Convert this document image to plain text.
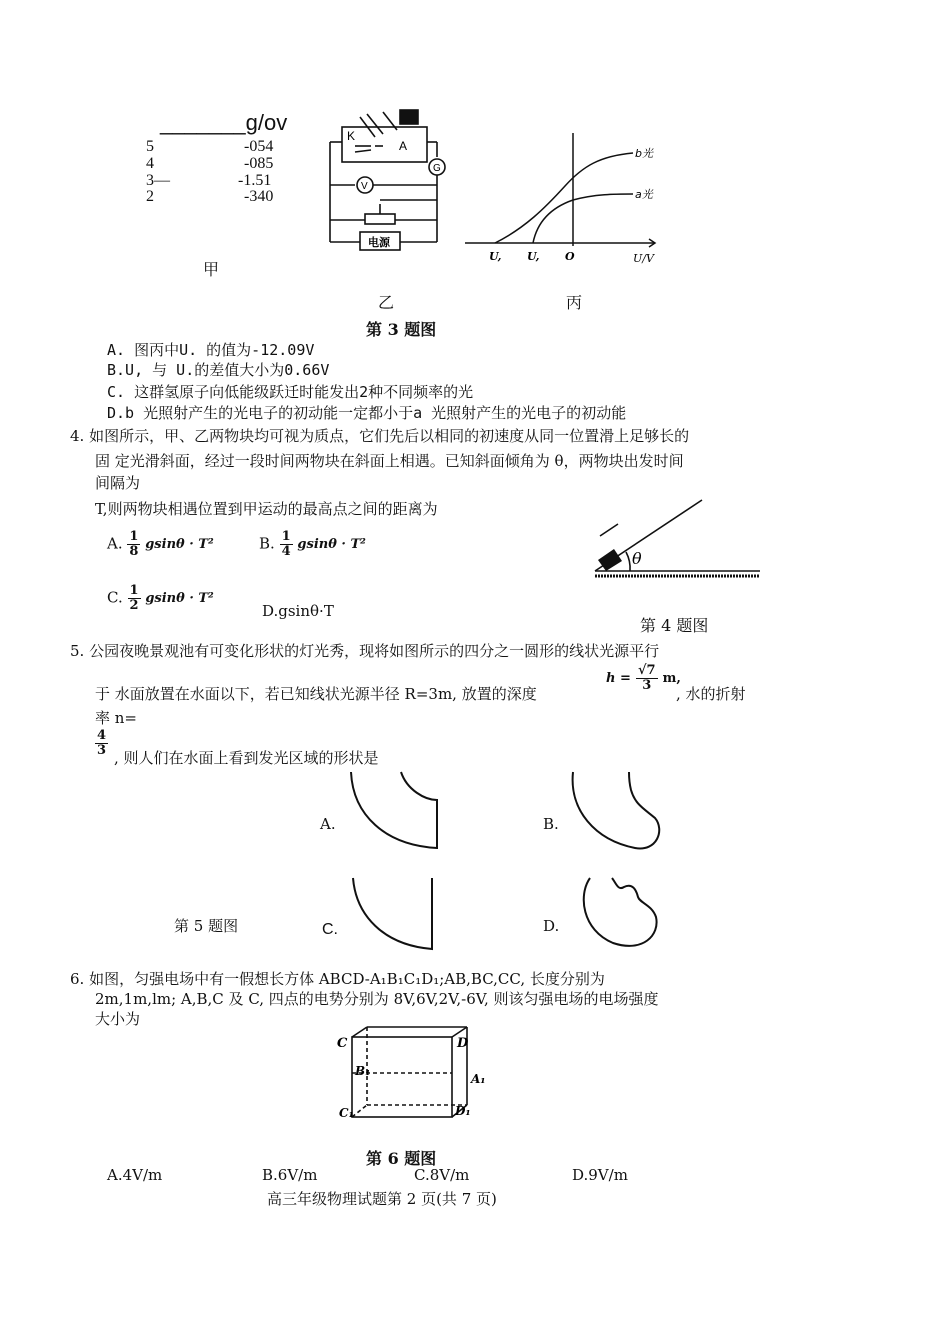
_______g/ov
5	-054
4	-085
3—	-1.51
2	-340
甲
K
A
G
V
电源
乙
b光
a光
U, U, O	U/V
丙
第 3 题图
A. 图丙中U. 的值为-12.09V
B.U, 与 U.的差值大小为0.66V
C. 这群氢原子向低能级跃迁时能发出2种不同频率的光
D.b 光照射产生的光电子的初动能一定都小于a 光照射产生的光电子的初动能
4. 如图所示，甲、乙两物块均可视为质点，它们先后以相同的初速度从同一位置滑上足够长的
固 定光滑斜面，经过一段时间两物块在斜面上相遇。已知斜面倾角为 θ，两物块出发时间
间隔为
T,则两物块相遇位置到甲运动的最高点之间的距离为
A. $\frac{1}{8}$ gsinθ · T²	B. $\frac{1}{4}$ gsinθ · T²
C. $\frac{1}{2}$ gsinθ · T²
D.gsinθ·T
θ
第 4 题图
5. 公园夜晚景观池有可变化形状的灯光秀，现将如图所示的四分之一圆形的线状光源平行
于 水面放置在水面以下，若已知线状光源半径 R=3m, 放置的深度
$h = \frac{√7}{3} m$,
, 水的折射
率 n=
$\frac{4}{3}$ , 则人们在水面上看到发光区域的形状是
A.	B.
第 5 题图	C.	D.
6. 如图，匀强电场中有一假想长方体 ABCD-A₁B₁C₁D₁;AB,BC,CC, 长度分别为
2m,1m,lm; A,B,C 及 C, 四点的电势分别为 8V,6V,2V,-6V, 则该匀强电场的电场强度
大小为
C	D
B₁
A₁
C₁	D₁
第 6 题图
A.4V/m	B.6V/m	C.8V/m	D.9V/m
高三年级物理试题第 2 页(共 7 页)
